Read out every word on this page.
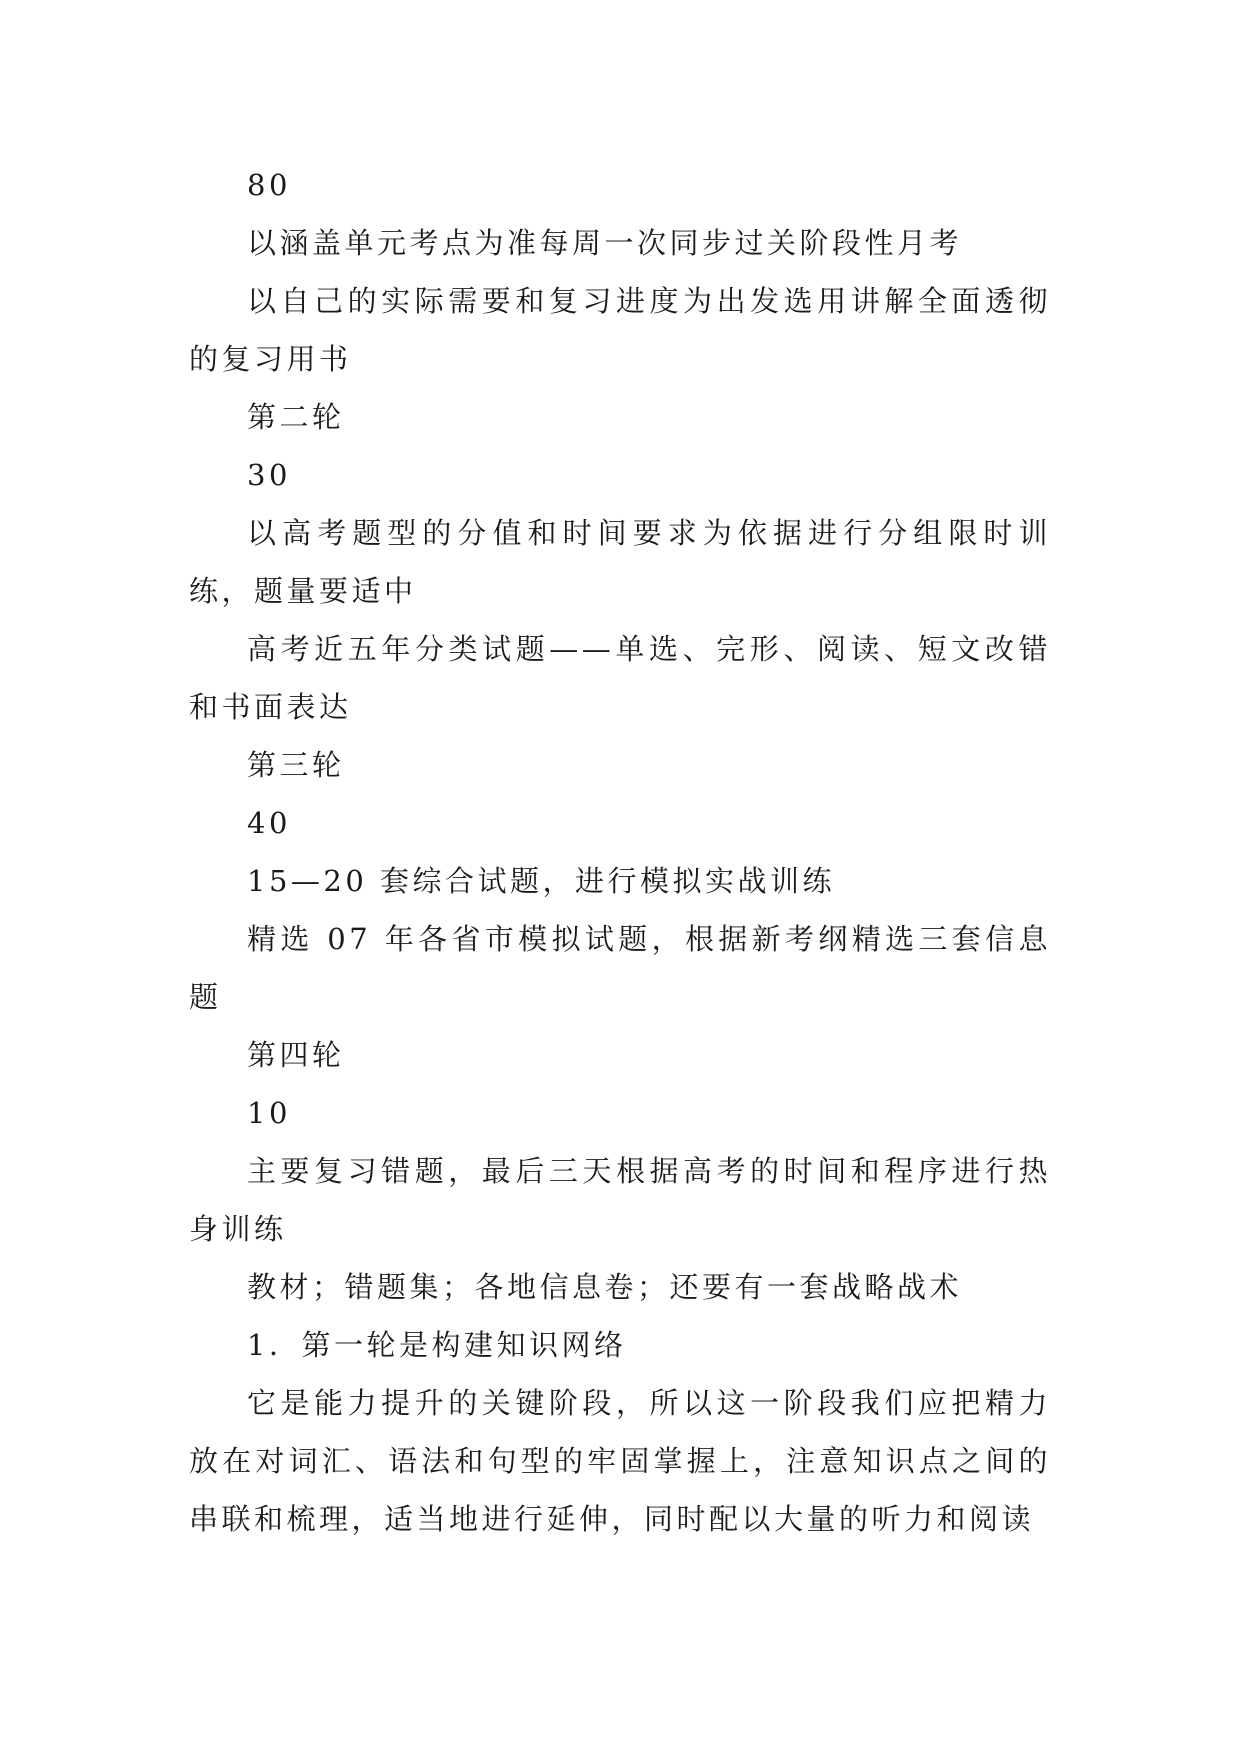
80

以涵盖单元考点为准每周一次同步过关阶段性月考

以自己的实际需要和复习进度为出发选用讲解全面透彻的复习用书

第二轮

30

以高考题型的分值和时间要求为依据进行分组限时训练，题量要适中

高考近五年分类试题——单选、完形、阅读、短文改错和书面表达

第三轮

40

15—20 套综合试题，进行模拟实战训练

精选 07 年各省市模拟试题，根据新考纲精选三套信息题

第四轮

10

主要复习错题，最后三天根据高考的时间和程序进行热身训练

教材；错题集；各地信息卷；还要有一套战略战术

1．第一轮是构建知识网络

它是能力提升的关键阶段，所以这一阶段我们应把精力放在对词汇、语法和句型的牢固掌握上，注意知识点之间的串联和梳理，适当地进行延伸，同时配以大量的听力和阅读
